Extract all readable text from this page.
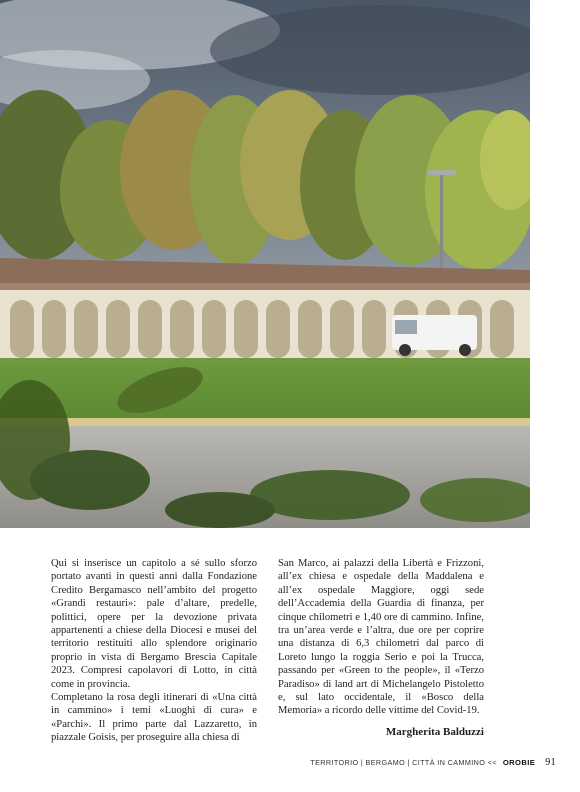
Qui si inserisce un capitolo a sé sullo sforzo portato avanti in questi anni dalla Fondazione Credito Bergamasco nell’ambito del progetto «Grandi restauri»: pale d’altare, predelle, polittici, opere per la devozione privata appartenenti a chiese della Diocesi e musei del territorio restituiti allo splendore originario proprio in vista di Bergamo Brescia Capitale 2023. Compresi capolavori di Lotto, in città come in provincia.

Completano la rosa degli itinerari di «Una città in cammino» i temi «Luoghi di cura» e «Parchi». Il primo parte dal Lazzaretto, in piazzale Goisis, per proseguire alla chiesa di

San Marco, ai palazzi della Libertà e Frizzoni, all’ex chiesa e ospedale della Maddalena e all’ex ospedale Maggiore, oggi sede dell’Accademia della Guardia di finanza, per cinque chilometri e 1,40 ore di cammino. Infine, tra un’area verde e l’altra, due ore per coprire una distanza di 6,3 chilometri dal parco di Loreto lungo la roggia Serio e poi la Trucca, passando per «Green to the people», il «Terzo Paradiso» di land art di Michelangelo Pistoletto e, sul lato occidentale, il «Bosco della Memoria» a ricordo delle vittime del Covid-19.

Margherita Balduzzi

TERRITORIO | BERGAMO | CITTÀ IN CAMMINO << OROBIE 91
